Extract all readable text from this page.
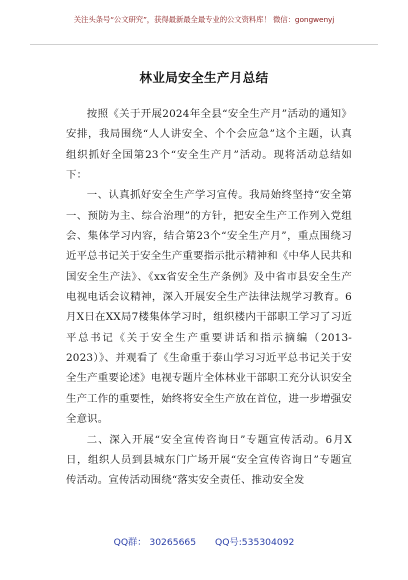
关注头条号“公文研究”，获得最新最全最专业的公文资料库！ 微信：gongwenyj
林业局安全生产月总结

按照《关于开展2024年全县“安全生产月”活动的通知》安排，我局围绕“人人讲安全、个个会应急”这个主题，认真组织抓好全国第23个“安全生产月”活动。现将活动总结如下：

一、认真抓好安全生产学习宣传。我局始终坚持“安全第一、预防为主、综合治理”的方针，把安全生产工作列入党组会、集体学习内容，结合第23个“安全生产月”，重点围绕习近平总书记关于安全生产重要指示批示精神和《中华人民共和国安全生产法》、《xx省安全生产条例》及中省市县安全生产电视电话会议精神，深入开展安全生产法律法规学习教育。6月X日在XX局7楼集体学习时，组织楼内干部职工学习了习近平总书记《关于安全生产重要讲话和指示摘编（2013-2023）》、并观看了《生命重于泰山学习习近平总书记关于安全生产重要论述》电视专题片全体林业干部职工充分认识安全生产工作的重要性，始终将安全生产放在首位，进一步增强安全意识。

二、深入开展“安全宣传咨询日”专题宣传活动。6月X日，组织人员到县城东门广场开展“安全宣传咨询日”专题宣传活动。宣传活动围绕“落实安全责任、推动安全发

QQ群： 30265665 QQ号:535304092
